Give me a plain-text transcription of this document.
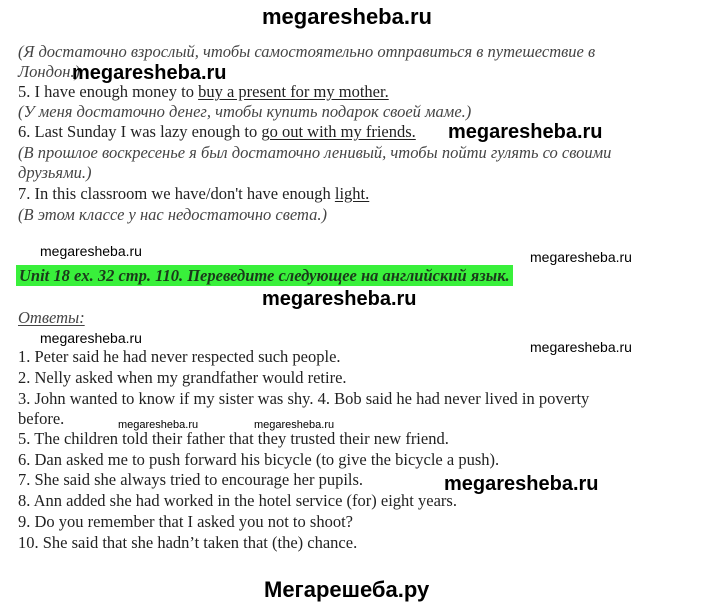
megaresheba.ru

(Я достаточно взрослый, чтобы самостоятельно отправиться в путешествие в

Лондон.)

megaresheba.ru

5. I have enough money to buy a present for my mother.

(У меня достаточно денег, чтобы купить подарок своей маме.)

6. Last Sunday I was lazy enough to go out with my friends. megaresheba.ru

(В прошлое воскресенье я был достаточно ленивый, чтобы пойти гулять со своими

друзьями.)

7. In this classroom we have/don't have enough light.

(В этом классе у нас недостаточно света.)

megaresheba.ru	megaresheba.ru

Unit 18 ex. 32 стр. 110. Переведите следующее на английский язык.

megaresheba.ru

Ответы:

megaresheba.ru

megaresheba.ru

1. Peter said he had never respected such people.

2. Nelly asked when my grandfather would retire.

3. John wanted to know if my sister was shy. 4. Bob said he had never lived in poverty

before.	megaresheba.ru	megaresheba.ru

5. The children told their father that they trusted their new friend.

6. Dan asked me to push forward his bicycle (to give the bicycle a push).

7. She said she always tried to encourage her pupils.	megaresheba.ru

8. Ann added she had worked in the hotel service (for) eight years.

9. Do you remember that I asked you not to shoot?

10. She said that she hadn’t taken that (the) chance.

Мегарешеба.ру
